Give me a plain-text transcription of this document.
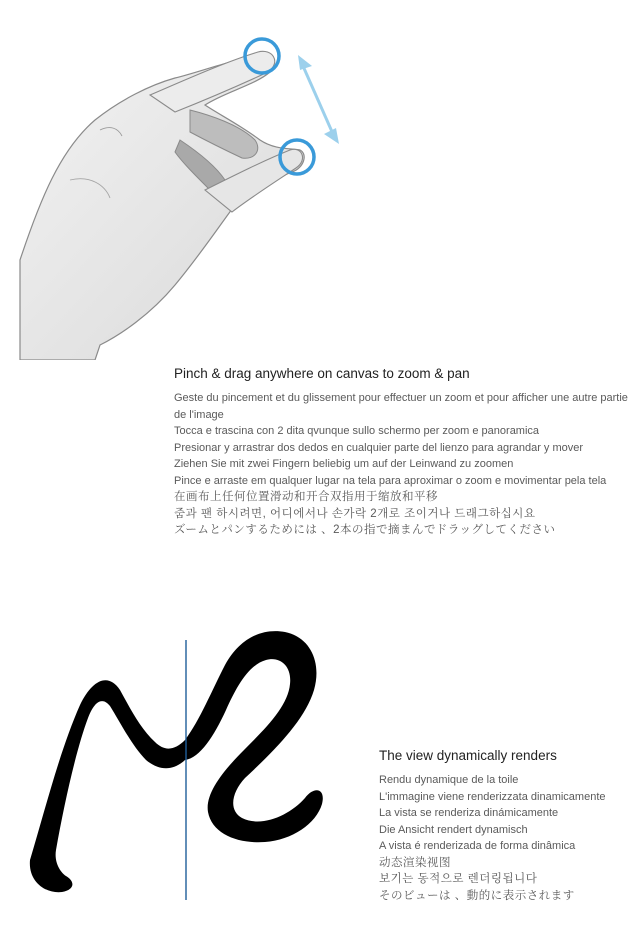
Pinch & drag anywhere on canvas to zoom & pan
Geste du pincement et du glissement pour effectuer un zoom et pour afficher une autre partie de l'image
Tocca e trascina con 2 dita qvunque sullo schermo per zoom e panoramica
Presionar y arrastrar dos dedos en cualquier parte del lienzo para agrandar y mover
Ziehen Sie mit zwei Fingern beliebig um auf der Leinwand zu zoomen
Pince e arraste em qualquer lugar na tela para aproximar o zoom e movimentar pela tela
在画布上任何位置滑动和开合双指用于缩放和平移
줌과 팬 하시려면, 어디에서나 손가락 2개로 조이거나 드래그하십시요
ズームとパンするためには 、2本の指で摘まんでドラッグしてください
The view dynamically renders
Rendu dynamique de la toile
L'immagine viene renderizzata dinamicamente
La vista se renderiza dinámicamente
Die Ansicht rendert dynamisch
A vista é renderizada de forma dinâmica
动态渲染视图
보기는 동적으로 렌더링됩니다
そのビューは 、動的に表示されます
